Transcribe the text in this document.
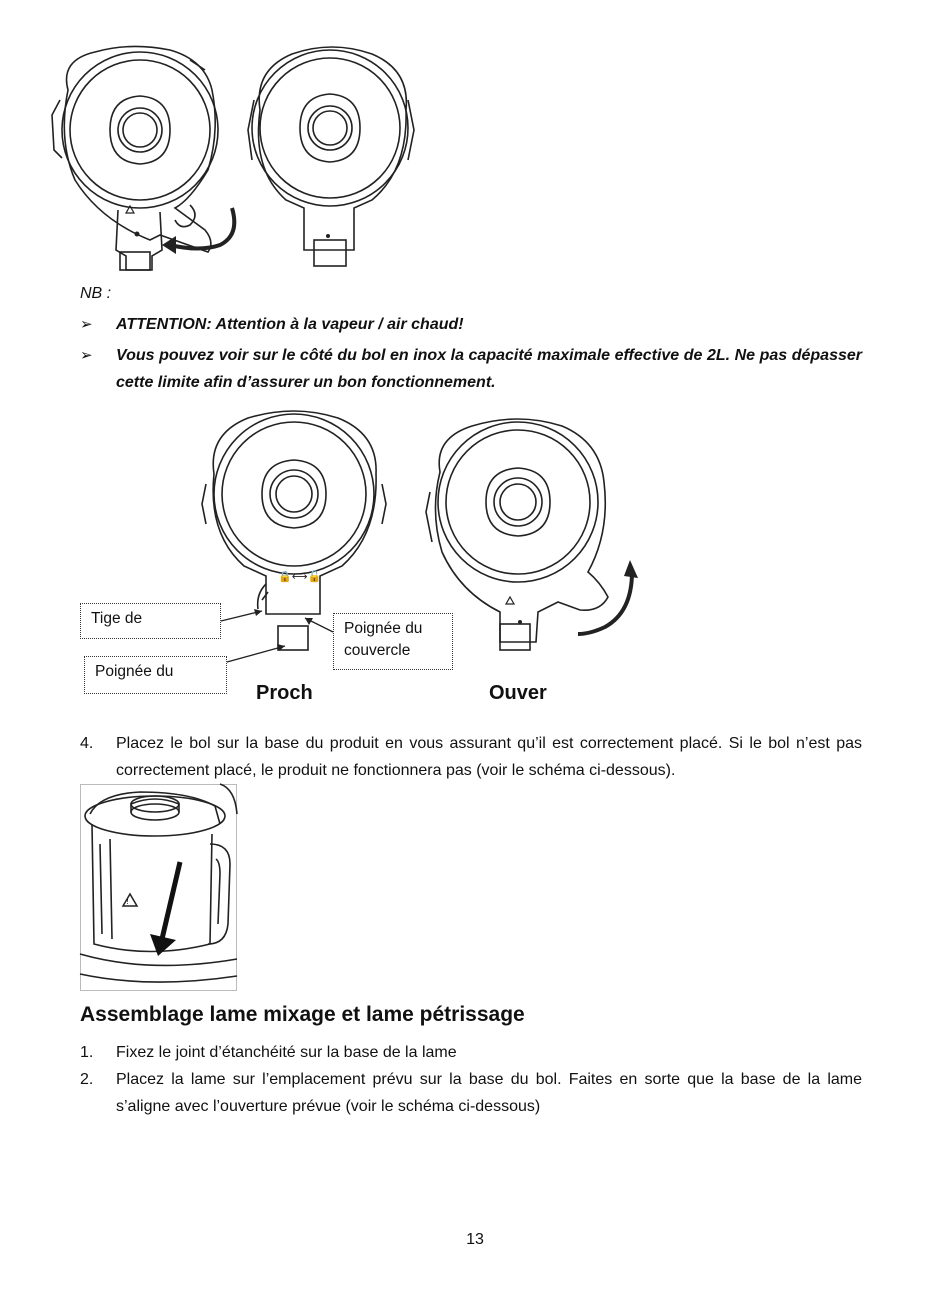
NB :
➢ ATTENTION: Attention à la vapeur / air chaud!
➢ Vous pouvez voir sur le côté du bol en inox la capacité maximale effective de 2L. Ne pas dépasser cette limite afin d’assurer un bon fonctionnement.
🔒⟷🔓
Tige de
Poignée du
Poignée du couvercle
Proch	Ouver
4. Placez le bol sur la base du produit en vous assurant qu’il est correctement placé. Si le bol n’est pas correctement placé, le produit ne fonctionnera pas (voir le schéma ci-dessous).
!
Assemblage lame mixage et lame pétrissage
1. Fixez le joint d’étanchéité sur la base de la lame
2. Placez la lame sur l’emplacement prévu sur la base du bol. Faites en sorte que la base de la lame s’aligne avec l’ouverture prévue (voir le schéma ci-dessous)
13
